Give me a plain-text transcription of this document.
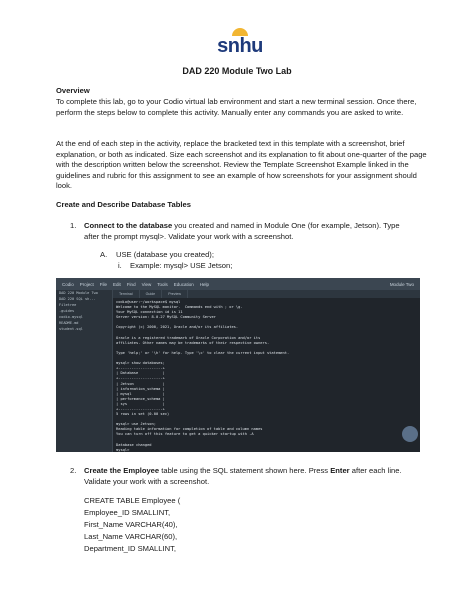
snhu
DAD 220 Module Two Lab
Overview
To complete this lab, go to your Codio virtual lab environment and start a new terminal session. Once there, perform the steps below to complete this activity. Manually enter any commands you are asked to write.
At the end of each step in the activity, replace the bracketed text in this template with a screenshot, brief explanation, or both as indicated. Size each screenshot and its explanation to fit about one-quarter of the page with the description written below the screenshot. Review the Template Screenshot Example linked in the guidelines and rubric for this assignment to see an example of how screenshots for your assignment should look.
Create and Describe Database Tables
1. Connect to the database you created and named in Module One (for example, Jetson). Type
after the prompt mysql>. Validate your work with a screenshot.
A. USE (database you created);
i. Example: mysql> USE Jetson;
Codio Project File Edit Find View Tools Education Help	Module Two
DAD 220 Module Two
DAD 220 SQL sh...
Filetree
.guides
codio-mysql
README.md
student.sql
Terminal	Guide	Preview
codio@user:~/workspace$ mysql
Welcome to the MySQL monitor.  Commands end with ; or \g.
Your MySQL connection id is 11
Server version: 8.0.27 MySQL Community Server

Copyright (c) 2000, 2021, Oracle and/or its affiliates.

Oracle is a registered trademark of Oracle Corporation and/or its
affiliates. Other names may be trademarks of their respective owners.

Type 'help;' or '\h' for help. Type '\c' to clear the current input statement.

mysql> show databases;
+--------------------+
| Database           |
+--------------------+
| Jetson             |
| information_schema |
| mysql              |
| performance_schema |
| sys                |
+--------------------+
5 rows in set (0.00 sec)

mysql> use Jetson;
Reading table information for completion of table and column names
You can turn off this feature to get a quicker startup with -A

Database changed
mysql>
2. Create the Employee table using the SQL statement shown here. Press Enter after each line.
Validate your work with a screenshot.
CREATE TABLE Employee (
Employee_ID SMALLINT,
First_Name VARCHAR(40),
Last_Name VARCHAR(60),
Department_ID SMALLINT,
